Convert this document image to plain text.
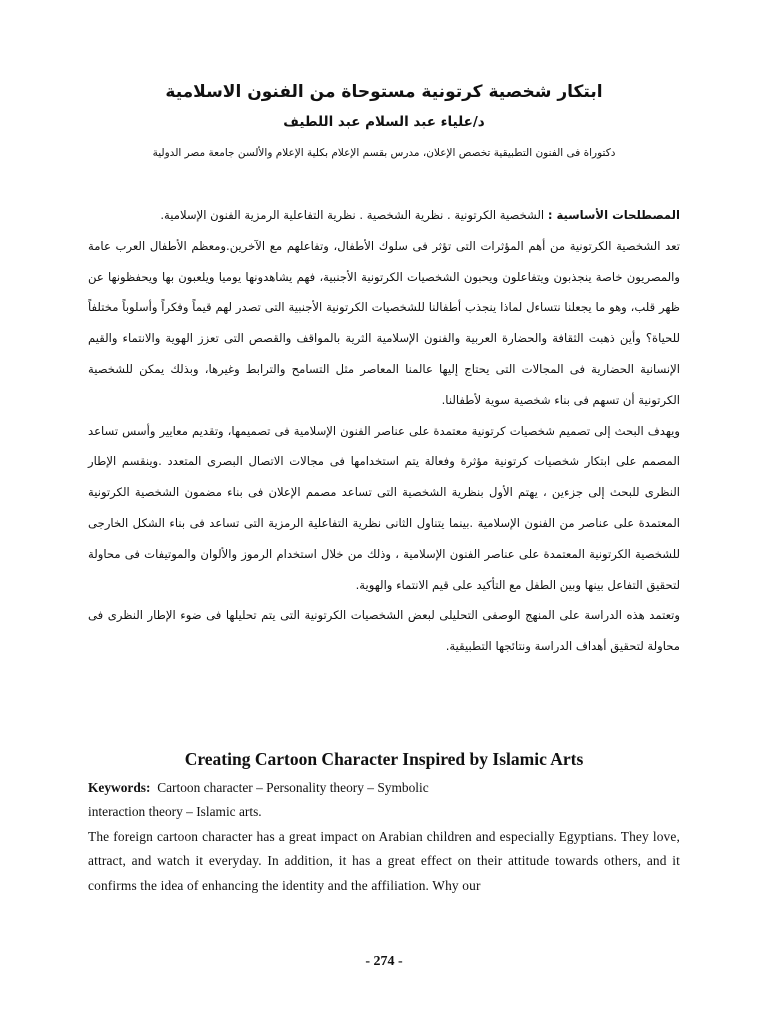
ابتكار شخصية كرتونية مستوحاة من الفنون الاسلامية
د/علياء عبد السلام عبد اللطيف
دكتوراة فى الفنون التطبيقية تخصص الإعلان، مدرس بقسم الإعلام بكلية الإعلام والألسن جامعة مصر الدولية

المصطلحات الأساسية : الشخصية الكرتونية . نظرية الشخصية . نظرية التفاعلية الرمزية الفنون الإسلامية.

تعد الشخصية الكرتونية من أهم المؤثرات التى تؤثر فى سلوك الأطفال، وتفاعلهم مع الآخرين.ومعظم الأطفال العرب عامة والمصريون خاصة ينجذبون ويتفاعلون ويحبون الشخصيات الكرتونية الأجنبية، فهم يشاهدونها يوميا ويلعبون بها ويحفظونها عن ظهر قلب، وهو ما يجعلنا نتساءل لماذا ينجذب أطفالنا للشخصيات الكرتونية الأجنبية التى تصدر لهم قيماً وفكراً وأسلوباً مختلفاً للحياة؟ وأين ذهبت الثقافة والحضارة العربية والفنون الإسلامية الثرية بالمواقف والقصص التى تعزز الهوية والانتماء والقيم الإنسانية الحضارية فى المجالات التى يحتاج إليها عالمنا المعاصر مثل التسامح والترابط وغيرها، وبذلك يمكن للشخصية الكرتونية أن تسهم فى بناء شخصية سوية لأطفالنا.

ويهدف البحث إلى تصميم شخصيات كرتونية معتمدة على عناصر الفنون الإسلامية فى تصميمها، وتقديم معايير وأسس تساعد المصمم على ابتكار شخصيات كرتونية مؤثرة وفعالة يتم استخدامها فى مجالات الاتصال البصرى المتعدد .وينقسم الإطار النظرى للبحث إلى جزءين ، يهتم الأول بنظرية الشخصية التى تساعد مصمم الإعلان فى بناء مضمون الشخصية الكرتونية المعتمدة على عناصر من الفنون الإسلامية .بينما يتناول الثانى نظرية التفاعلية الرمزية التى تساعد فى بناء الشكل الخارجى للشخصية الكرتونية المعتمدة على عناصر الفنون الإسلامية ، وذلك من خلال استخدام الرموز والألوان والموتيفات فى محاولة لتحقيق التفاعل بينها وبين الطفل مع التأكيد على قيم الانتماء والهوية.

وتعتمد هذه الدراسة على المنهج الوصفى التحليلى لبعض الشخصيات الكرتونية التى يتم تحليلها فى ضوء الإطار النظرى فى محاولة لتحقيق أهداف الدراسة ونتائجها التطبيقية.

Creating Cartoon Character Inspired by Islamic Arts

Keywords: Cartoon character – Personality theory – Symbolic

interaction theory – Islamic arts.

The foreign cartoon character has a great impact on Arabian children and especially Egyptians. They love, attract, and watch it everyday. In addition, it has a great effect on their attitude towards others, and it confirms the idea of enhancing the identity and the affiliation. Why our

- 274 -
